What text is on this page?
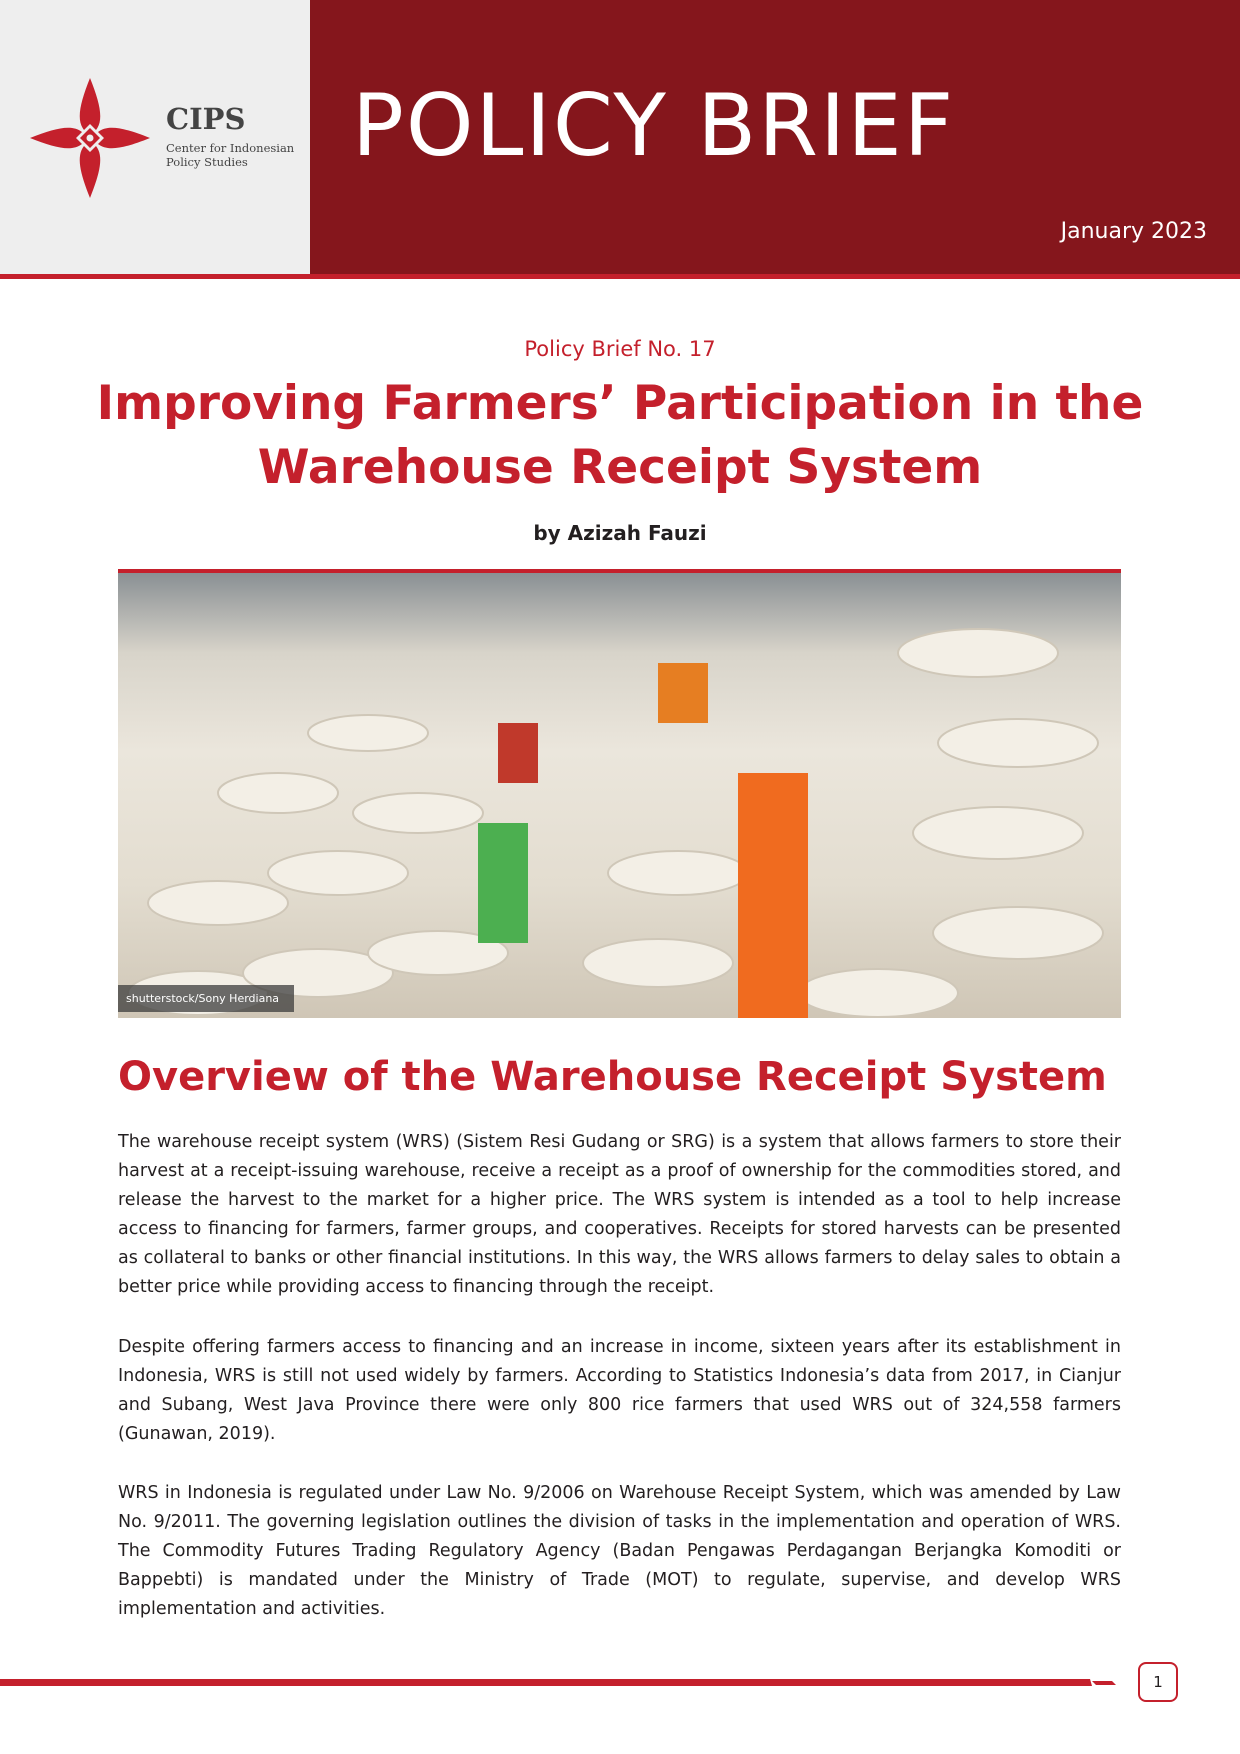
CIPS
Center for Indonesian Policy Studies	POLICY BRIEF
January 2023
Policy Brief No. 17
Improving Farmers’ Participation in the
Warehouse Receipt System
by Azizah Fauzi
shutterstock/Sony Herdiana
Overview of the Warehouse Receipt System

The warehouse receipt system (WRS) (Sistem Resi Gudang or SRG) is a system that allows farmers to store their harvest at a receipt-issuing warehouse, receive a receipt as a proof of ownership for the commodities stored, and release the harvest to the market for a higher price. The WRS system is intended as a tool to help increase access to financing for farmers, farmer groups, and cooperatives. Receipts for stored harvests can be presented as collateral to banks or other financial institutions. In this way, the WRS allows farmers to delay sales to obtain a better price while providing access to financing through the receipt.

Despite offering farmers access to financing and an increase in income, sixteen years after its establishment in Indonesia, WRS is still not used widely by farmers. According to Statistics Indonesia’s data from 2017, in Cianjur and Subang, West Java Province there were only 800 rice farmers that used WRS out of 324,558 farmers (Gunawan, 2019).

WRS in Indonesia is regulated under Law No. 9/2006 on Warehouse Receipt System, which was amended by Law No. 9/2011. The governing legislation outlines the division of tasks in the implementation and operation of WRS. The Commodity Futures Trading Regulatory Agency (Badan Pengawas Perdagangan Berjangka Komoditi or Bappebti) is mandated under the Ministry of Trade (MOT) to regulate, supervise, and develop WRS implementation and activities.

1
